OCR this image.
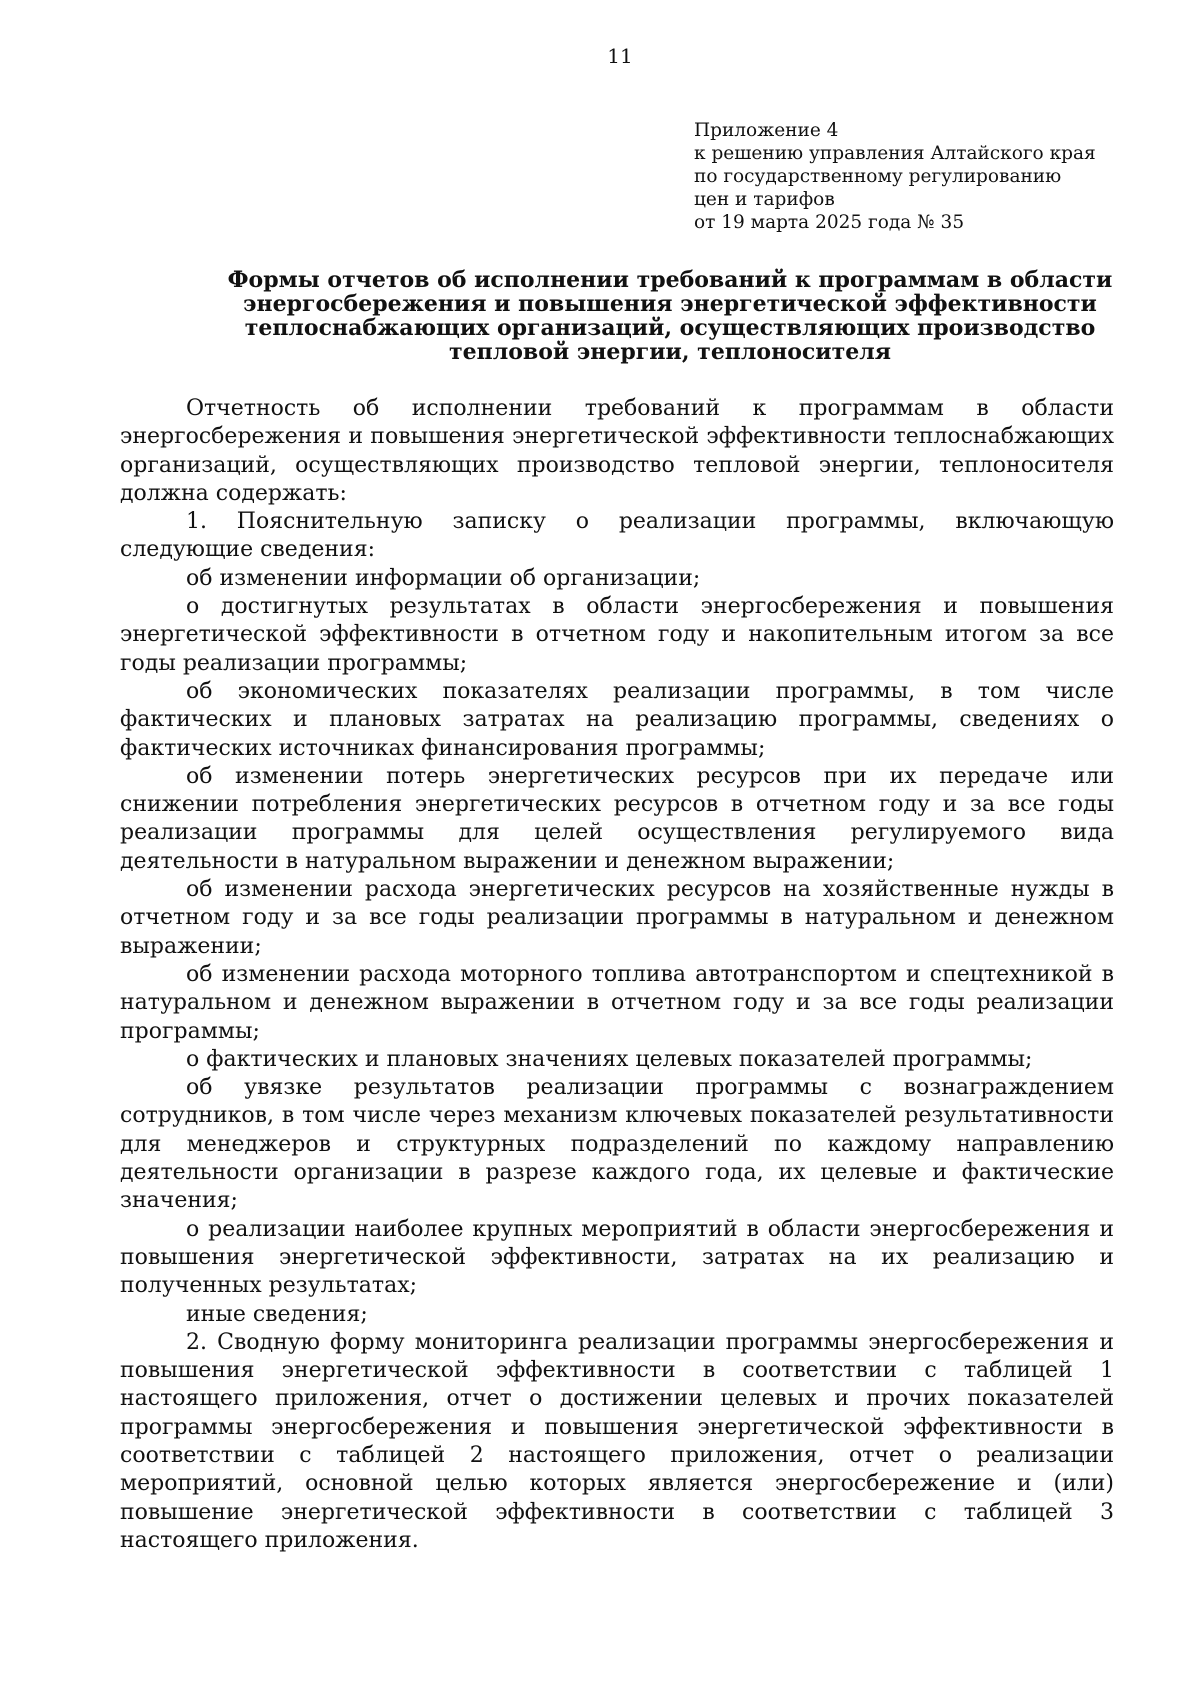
11
Приложение 4
к решению управления Алтайского края
по государственному регулированию
цен и тарифов
от 19 марта 2025 года № 35
Формы отчетов об исполнении требований к программам в области
энергосбережения и повышения энергетической эффективности
теплоснабжающих организаций, осуществляющих производство
тепловой энергии, теплоносителя

Отчетность об исполнении требований к программам в области энергосбережения и повышения энергетической эффективности теплоснабжающих организаций, осуществляющих производство тепловой энергии, теплоносителя должна содержать:

1. Пояснительную записку о реализации программы, включающую следующие сведения:

об изменении информации об организации;

о достигнутых результатах в области энергосбережения и повышения энергетической эффективности в отчетном году и накопительным итогом за все годы реализации программы;

об экономических показателях реализации программы, в том числе фактических и плановых затратах на реализацию программы, сведениях о фактических источниках финансирования программы;

об изменении потерь энергетических ресурсов при их передаче или снижении потребления энергетических ресурсов в отчетном году и за все годы реализации программы для целей осуществления регулируемого вида деятельности в натуральном выражении и денежном выражении;

об изменении расхода энергетических ресурсов на хозяйственные нужды в отчетном году и за все годы реализации программы в натуральном и денежном выражении;

об изменении расхода моторного топлива автотранспортом и спецтехникой в натуральном и денежном выражении в отчетном году и за все годы реализации программы;

о фактических и плановых значениях целевых показателей программы;

об увязке результатов реализации программы с вознаграждением сотрудников, в том числе через механизм ключевых показателей результативности для менеджеров и структурных подразделений по каждому направлению деятельности организации в разрезе каждого года, их целевые и фактические значения;

о реализации наиболее крупных мероприятий в области энергосбережения и повышения энергетической эффективности, затратах на их реализацию и полученных результатах;

иные сведения;

2. Сводную форму мониторинга реализации программы энергосбережения и повышения энергетической эффективности в соответствии с таблицей 1 настоящего приложения, отчет о достижении целевых и прочих показателей программы энергосбережения и повышения энергетической эффективности в соответствии с таблицей 2 настоящего приложения, отчет о реализации мероприятий, основной целью которых является энергосбережение и (или) повышение энергетической эффективности в соответствии с таблицей 3 настоящего приложения.
